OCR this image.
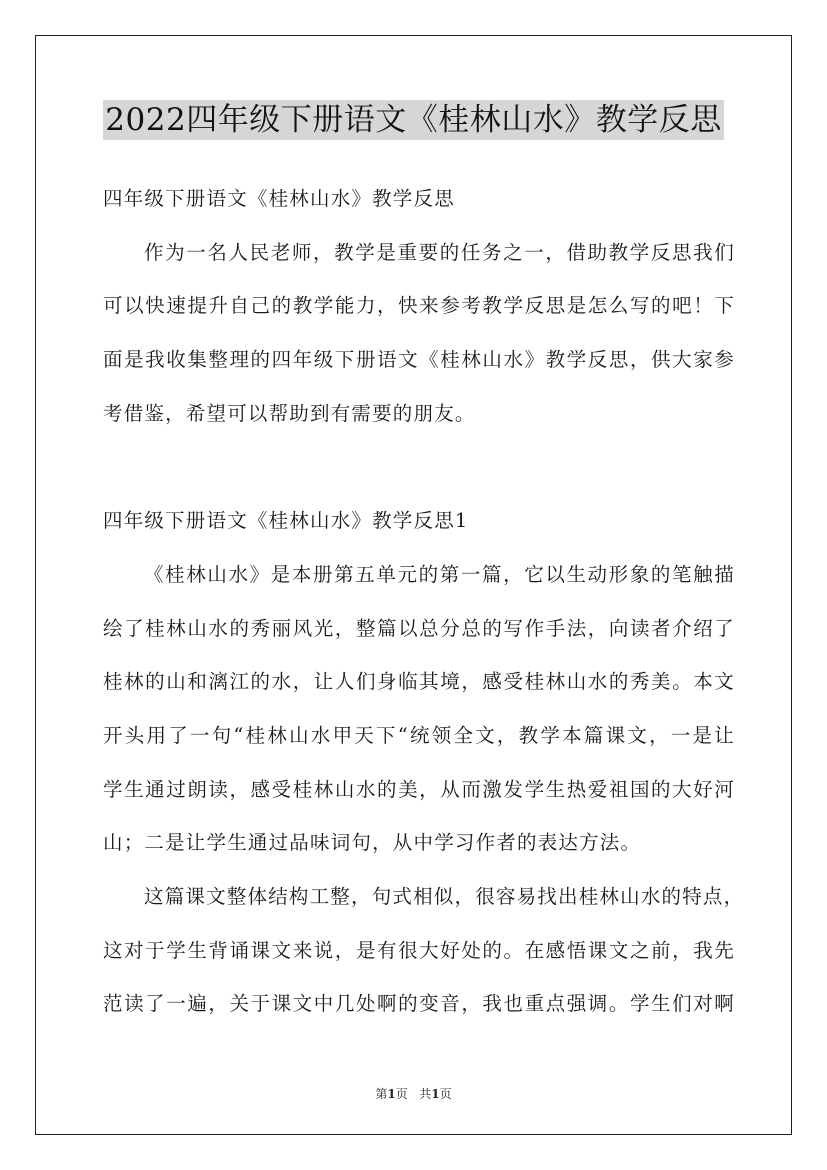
2022四年级下册语文《桂林山水》教学反思
四年级下册语文《桂林山水》教学反思
作为一名人民老师，教学是重要的任务之一，借助教学反思我们
可以快速提升自己的教学能力，快来参考教学反思是怎么写的吧！下
面是我收集整理的四年级下册语文《桂林山水》教学反思，供大家参
考借鉴，希望可以帮助到有需要的朋友。
四年级下册语文《桂林山水》教学反思1
《桂林山水》是本册第五单元的第一篇，它以生动形象的笔触描
绘了桂林山水的秀丽风光，整篇以总分总的写作手法，向读者介绍了
桂林的山和漓江的水，让人们身临其境，感受桂林山水的秀美。本文
开头用了一句“桂林山水甲天下“统领全文，教学本篇课文，一是让
学生通过朗读，感受桂林山水的美，从而激发学生热爱祖国的大好河
山；二是让学生通过品味词句，从中学习作者的表达方法。
这篇课文整体结构工整，句式相似，很容易找出桂林山水的特点，
这对于学生背诵课文来说，是有很大好处的。在感悟课文之前，我先
范读了一遍，关于课文中几处啊的变音，我也重点强调。学生们对啊
第1页 共1页
